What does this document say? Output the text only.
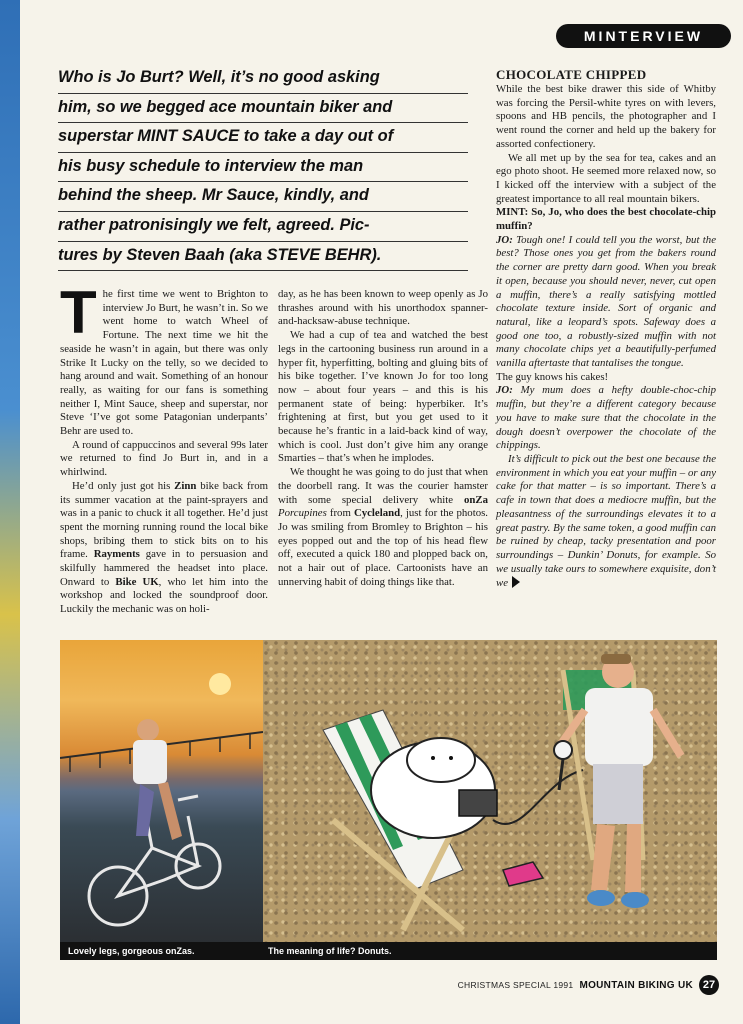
MINTERVIEW
Who is Jo Burt? Well, it’s no good asking
him, so we begged ace mountain biker and
superstar MINT SAUCE to take a day out of
his busy schedule to interview the man
behind the sheep. Mr Sauce, kindly, and
rather patronisingly we felt, agreed. Pic-
tures by Steven Baah (aka STEVE BEHR).

The first time we went to Brighton to interview Jo Burt, he wasn’t in. So we went home to watch Wheel of Fortune. The next time we hit the seaside he wasn’t in again, but there was only Strike It Lucky on the telly, so we decided to hang around and wait. Something of an honour really, as waiting for our fans is something neither I, Mint Sauce, sheep and superstar, nor Steve ‘I’ve got some Patagonian underpants’ Behr are used to.

A round of cappuccinos and several 99s later we returned to find Jo Burt in, and in a whirlwind.

He’d only just got his Zinn bike back from its summer vacation at the paint-sprayers and was in a panic to chuck it all together. He’d just spent the morning running round the local bike shops, bribing them to stick bits on to his frame. Rayments gave in to persuasion and skilfully hammered the headset into place. Onward to Bike UK, who let him into the workshop and locked the soundproof door. Luckily the mechanic was on holi-

day, as he has been known to weep openly as Jo thrashes around with his unorthodox spanner-and-hacksaw-abuse technique.

We had a cup of tea and watched the best legs in the cartooning business run around in a hyper fit, hyperfitting, bolting and gluing bits of his bike together. I’ve known Jo for too long now – about four years – and this is his permanent state of being: hyperbiker. It’s frightening at first, but you get used to it because he’s frantic in a laid-back kind of way, which is cool. Just don’t give him any orange Smarties – that’s when he implodes.

We thought he was going to do just that when the doorbell rang. It was the courier hamster with some special delivery white onZa Porcupines from Cycleland, just for the photos. Jo was smiling from Bromley to Brighton – his eyes popped out and the top of his head flew off, executed a quick 180 and plopped back on, not a hair out of place. Cartoonists have an unnerving habit of doing things like that.

CHOCOLATE CHIPPED

While the best bike drawer this side of Whitby was forcing the Persil-white tyres on with levers, spoons and HB pencils, the photographer and I went round the corner and held up the bakery for assorted confectionery.

We all met up by the sea for tea, cakes and an ego photo shoot. He seemed more relaxed now, so I kicked off the interview with a subject of the greatest importance to all real mountain bikers.

MINT: So, Jo, who does the best chocolate-chip muffin?

JO: Tough one! I could tell you the worst, but the best? Those ones you get from the bakers round the corner are pretty darn good. When you break it open, because you should never, never, cut open a muffin, there’s a really satisfying mottled chocolate texture inside. Sort of organic and natural, like a leopard’s spots. Safeway does a good one too, a robustly-sized muffin with not many chocolate chips yet a beautifully-perfumed vanilla aftertaste that tantalises the tongue.

The guy knows his cakes!

JO: My mum does a hefty double-choc-chip muffin, but they’re a different category because you have to make sure that the chocolate in the dough doesn’t overpower the chocolate of the chippings.

It’s difficult to pick out the best one because the environment in which you eat your muffin – or any cake for that matter – is so important. There’s a cafe in town that does a mediocre muffin, but the pleasantness of the surroundings elevates it to a great pastry. By the same token, a good muffin can be ruined by cheap, tacky presentation and poor surroundings – Dunkin’ Donuts, for example. So we usually take ours to somewhere exquisite, don’t we

Lovely legs, gorgeous onZas.	The meaning of life? Donuts.
CHRISTMAS SPECIAL 1991 MOUNTAIN BIKING UK 27
